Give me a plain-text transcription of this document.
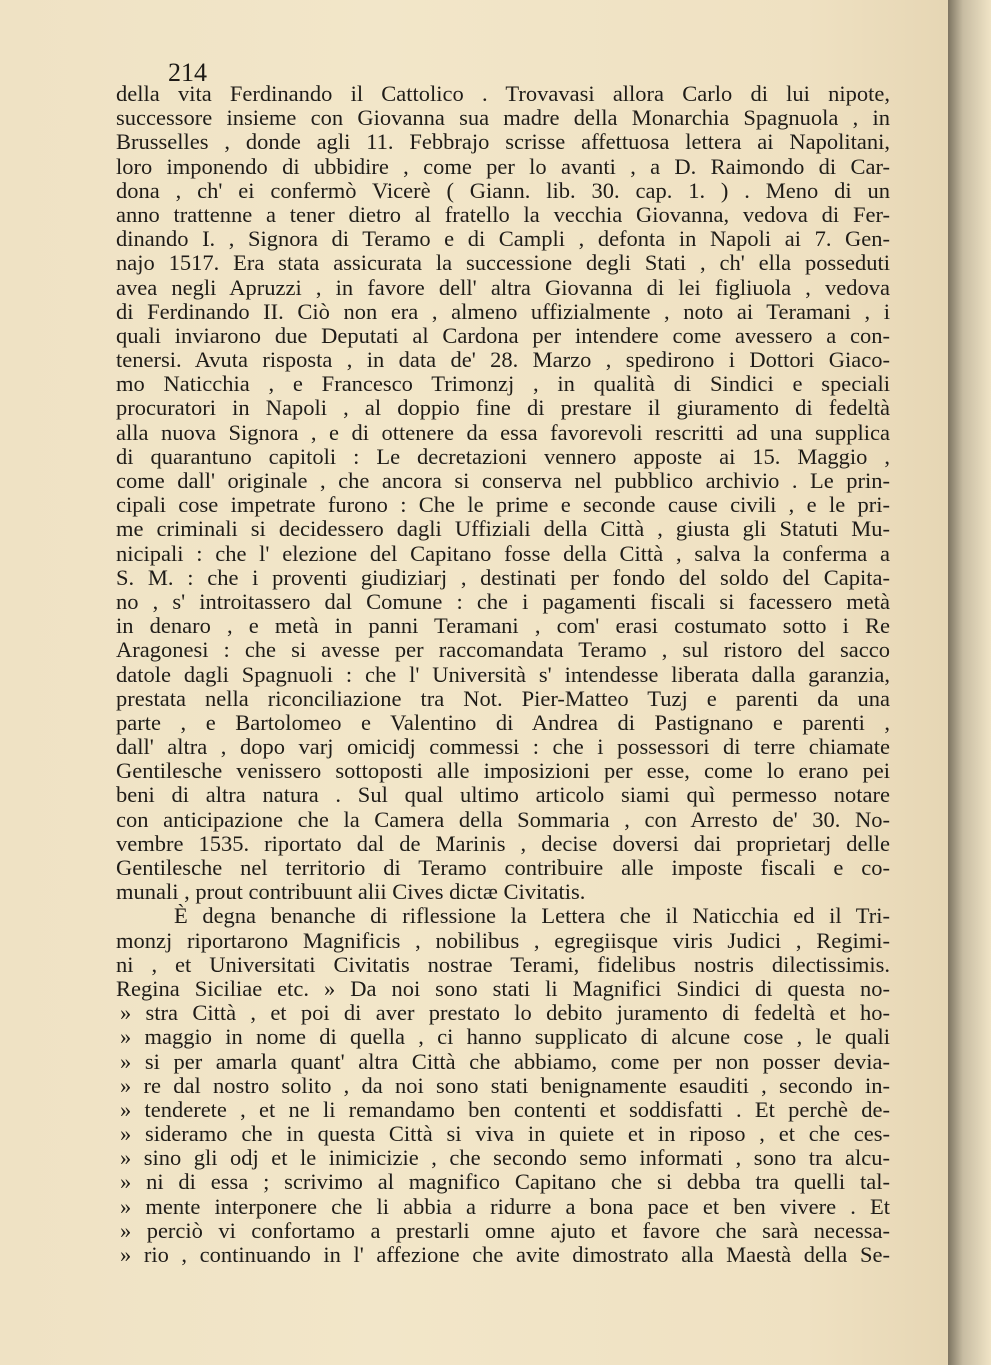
214
della vita Ferdinando il Cattolico . Trovavasi allora Carlo di lui nipote,
successore insieme con Giovanna sua madre della Monarchia Spagnuola , in
Brusselles , donde agli 11. Febbrajo scrisse affettuosa lettera ai Napolitani,
loro imponendo di ubbidire , come per lo avanti , a D. Raimondo di Car-
dona , ch' ei confermò Vicerè ( Giann. lib. 30. cap. 1. ) . Meno di un
anno trattenne a tener dietro al fratello la vecchia Giovanna, vedova di Fer-
dinando I. , Signora di Teramo e di Campli , defonta in Napoli ai 7. Gen-
najo 1517. Era stata assicurata la successione degli Stati , ch' ella posseduti
avea negli Apruzzi , in favore dell' altra Giovanna di lei figliuola , vedova
di Ferdinando II. Ciò non era , almeno uffizialmente , noto ai Teramani , i
quali inviarono due Deputati al Cardona per intendere come avessero a con-
tenersi. Avuta risposta , in data de' 28. Marzo , spedirono i Dottori Giaco-
mo Naticchia , e Francesco Trimonzj , in qualità di Sindici e speciali
procuratori in Napoli , al doppio fine di prestare il giuramento di fedeltà
alla nuova Signora , e di ottenere da essa favorevoli rescritti ad una supplica
di quarantuno capitoli : Le decretazioni vennero apposte ai 15. Maggio ,
come dall' originale , che ancora si conserva nel pubblico archivio . Le prin-
cipali cose impetrate furono : Che le prime e seconde cause civili , e le pri-
me criminali si decidessero dagli Uffiziali della Città , giusta gli Statuti Mu-
nicipali : che l' elezione del Capitano fosse della Città , salva la conferma a
S. M. : che i proventi giudiziarj , destinati per fondo del soldo del Capita-
no , s' introitassero dal Comune : che i pagamenti fiscali si facessero metà
in denaro , e metà in panni Teramani , com' erasi costumato sotto i Re
Aragonesi : che si avesse per raccomandata Teramo , sul ristoro del sacco
datole dagli Spagnuoli : che l' Università s' intendesse liberata dalla garanzia,
prestata nella riconciliazione tra Not. Pier-Matteo Tuzj e parenti da una
parte , e Bartolomeo e Valentino di Andrea di Pastignano e parenti ,
dall' altra , dopo varj omicidj commessi : che i possessori di terre chiamate
Gentilesche venissero sottoposti alle imposizioni per esse, come lo erano pei
beni di altra natura . Sul qual ultimo articolo siami quì permesso notare
con anticipazione che la Camera della Sommaria , con Arresto de' 30. No-
vembre 1535. riportato dal de Marinis , decise doversi dai proprietarj delle
Gentilesche nel territorio di Teramo contribuire alle imposte fiscali e co-
munali , prout contribuunt alii Cives dictæ Civitatis.
È degna benanche di riflessione la Lettera che il Naticchia ed il Tri-
monzj riportarono Magnificis , nobilibus , egregiisque viris Judici , Regimi-
ni , et Universitati Civitatis nostrae Terami, fidelibus nostris dilectissimis.
Regina Siciliae etc. » Da noi sono stati li Magnifici Sindici di questa no-
» stra Città , et poi di aver prestato lo debito juramento di fedeltà et ho-
» maggio in nome di quella , ci hanno supplicato di alcune cose , le quali
» si per amarla quant' altra Città che abbiamo, come per non posser devia-
» re dal nostro solito , da noi sono stati benignamente esauditi , secondo in-
» tenderete , et ne li remandamo ben contenti et soddisfatti . Et perchè de-
» sideramo che in questa Città si viva in quiete et in riposo , et che ces-
» sino gli odj et le inimicizie , che secondo semo informati , sono tra alcu-
» ni di essa ; scrivimo al magnifico Capitano che si debba tra quelli tal-
» mente interponere che li abbia a ridurre a bona pace et ben vivere . Et
» perciò vi confortamo a prestarli omne ajuto et favore che sarà necessa-
» rio , continuando in l' affezione che avite dimostrato alla Maestà della Se-
